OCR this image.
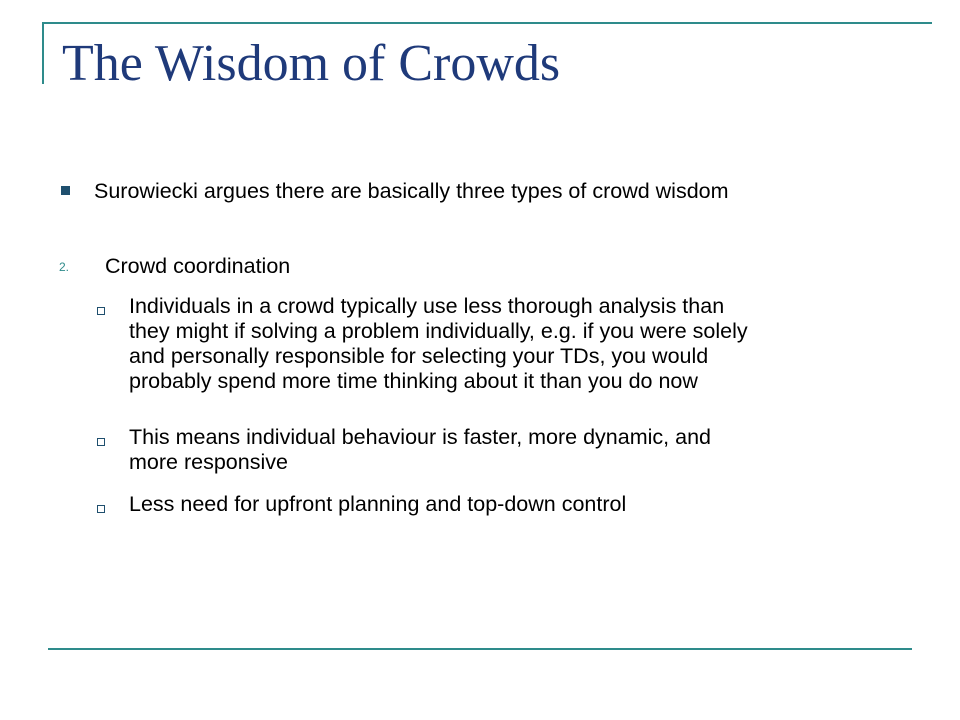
The Wisdom of Crowds
Surowiecki argues there are basically three types of crowd wisdom
2. Crowd coordination
Individuals in a crowd typically use less thorough analysis than
they might if solving a problem individually, e.g. if you were solely
and personally responsible for selecting your TDs, you would
probably spend more time thinking about it than you do now
This means individual behaviour is faster, more dynamic, and
more responsive
Less need for upfront planning and top-down control
